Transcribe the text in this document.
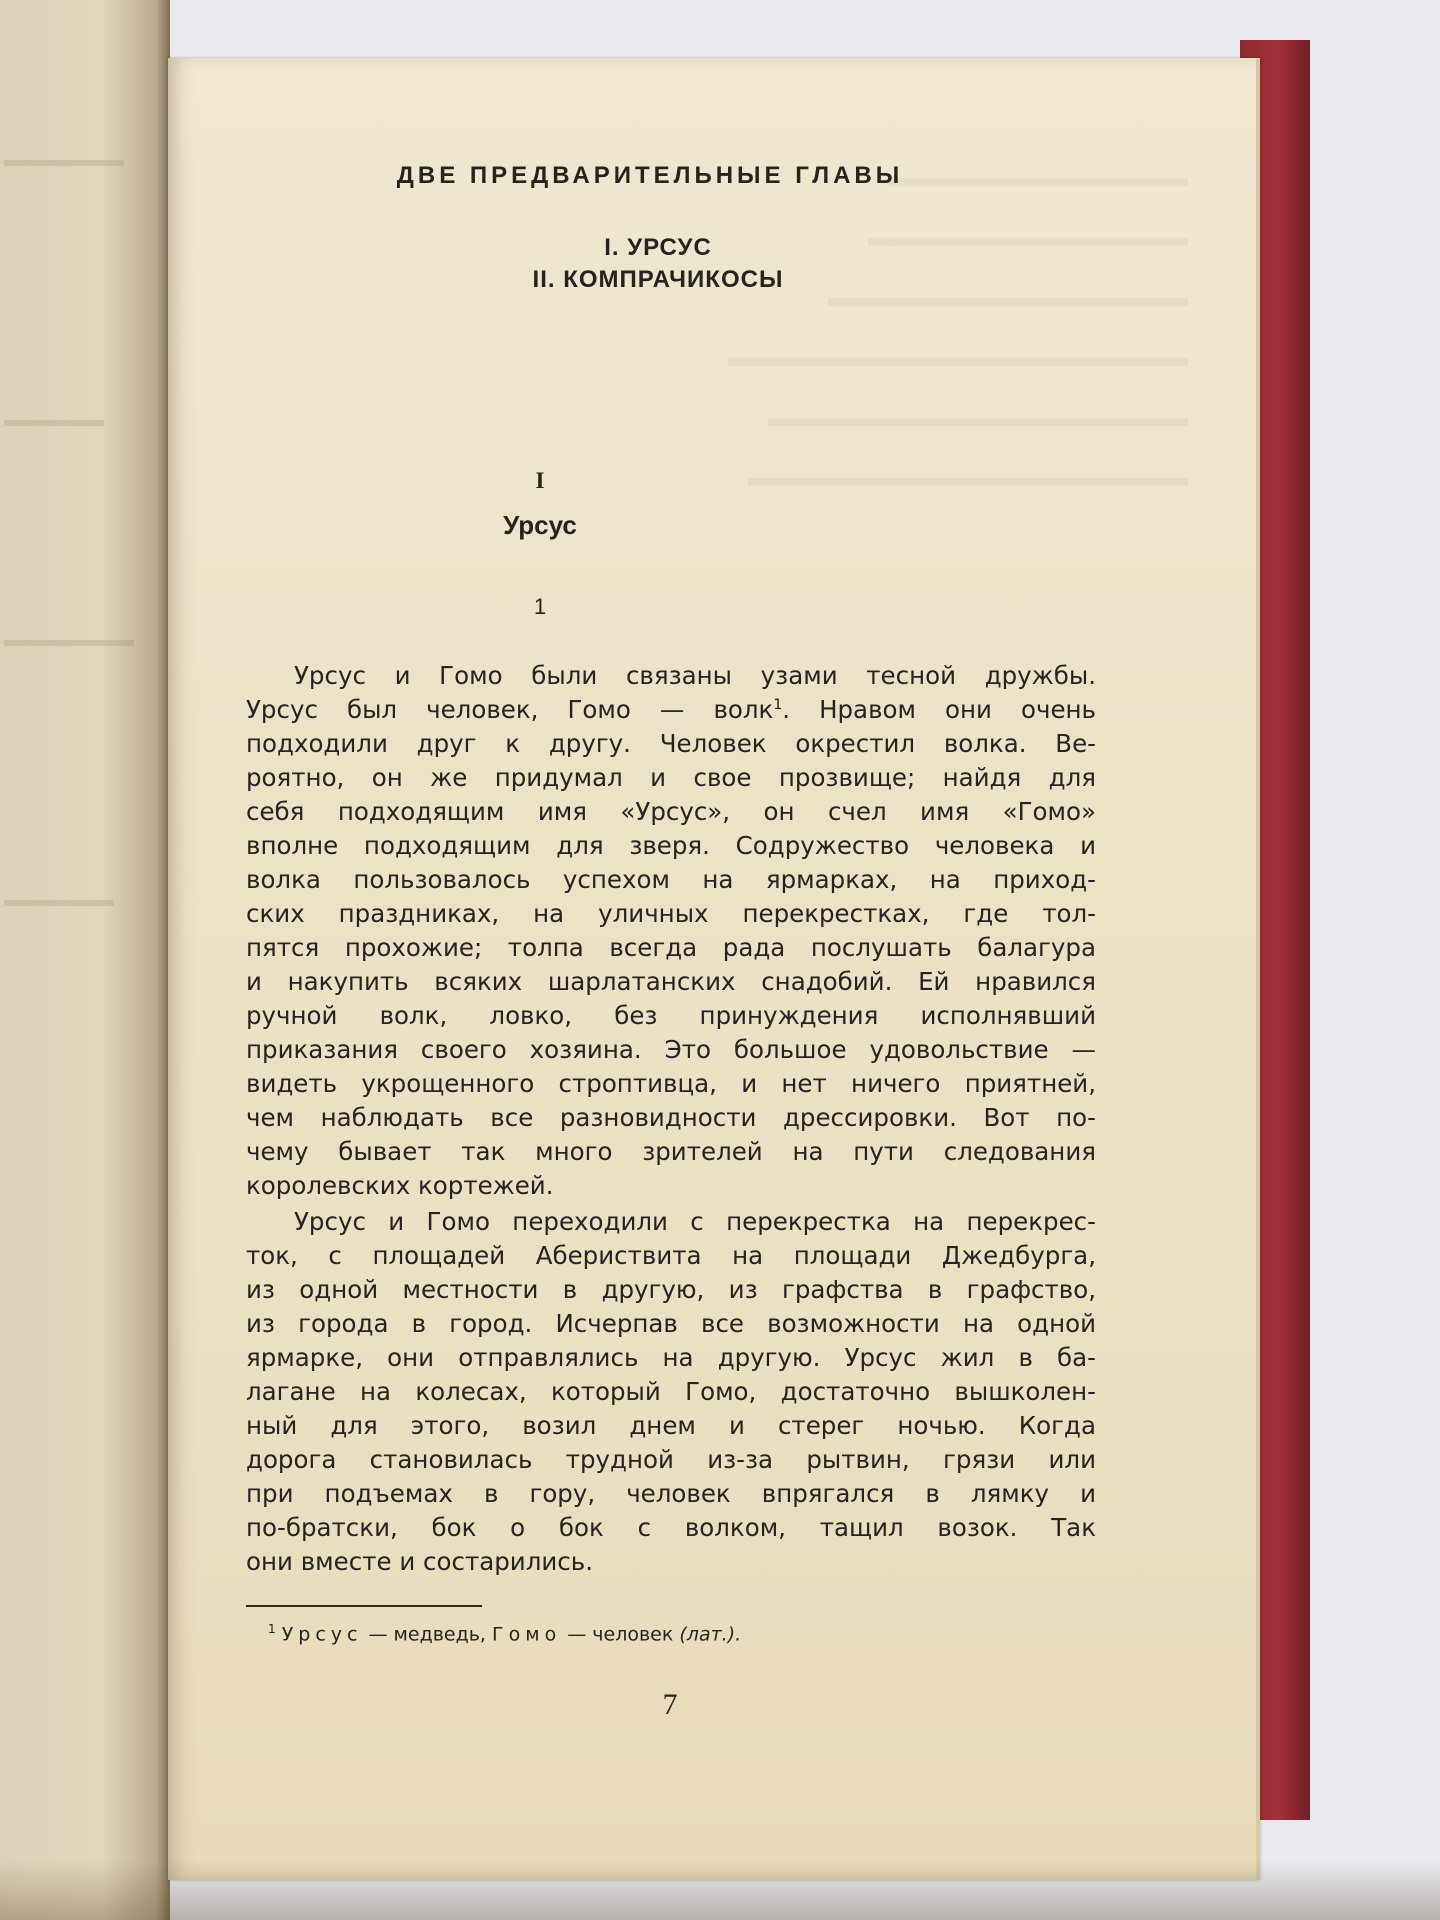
ДВЕ ПРЕДВАРИТЕЛЬНЫЕ ГЛАВЫ
I. УРСУС
II. КОМПРАЧИКОСЫ
I
Урсус
1
Урсус и Гомо были связаны узами тесной дружбы.
Урсус был человек, Гомо — волк$^1$. Нравом они очень
подходили друг к другу. Человек окрестил волка. Ве-
роятно, он же придумал и свое прозвище; найдя для
себя подходящим имя «Урсус», он счел имя «Гомо»
вполне подходящим для зверя. Содружество человека и
волка пользовалось успехом на ярмарках, на приход-
ских праздниках, на уличных перекрестках, где тол-
пятся прохожие; толпа всегда рада послушать балагура
и накупить всяких шарлатанских снадобий. Ей нравился
ручной волк, ловко, без принуждения исполнявший
приказания своего хозяина. Это большое удовольствие —
видеть укрощенного строптивца, и нет ничего приятней,
чем наблюдать все разновидности дрессировки. Вот по-
чему бывает так много зрителей на пути следования
королевских кортежей.
Урсус и Гомо переходили с перекрестка на перекрес-
ток, с площадей Абериствита на площади Джедбурга,
из одной местности в другую, из графства в графство,
из города в город. Исчерпав все возможности на одной
ярмарке, они отправлялись на другую. Урсус жил в ба-
лагане на колесах, который Гомо, достаточно вышколен-
ный для этого, возил днем и стерег ночью. Когда
дорога становилась трудной из-за рытвин, грязи или
при подъемах в гору, человек впрягался в лямку и
по-братски, бок о бок с волком, тащил возок. Так
они вместе и состарились.
$^1$ Урсус — медведь, Гомо — человек (лат.).
7
